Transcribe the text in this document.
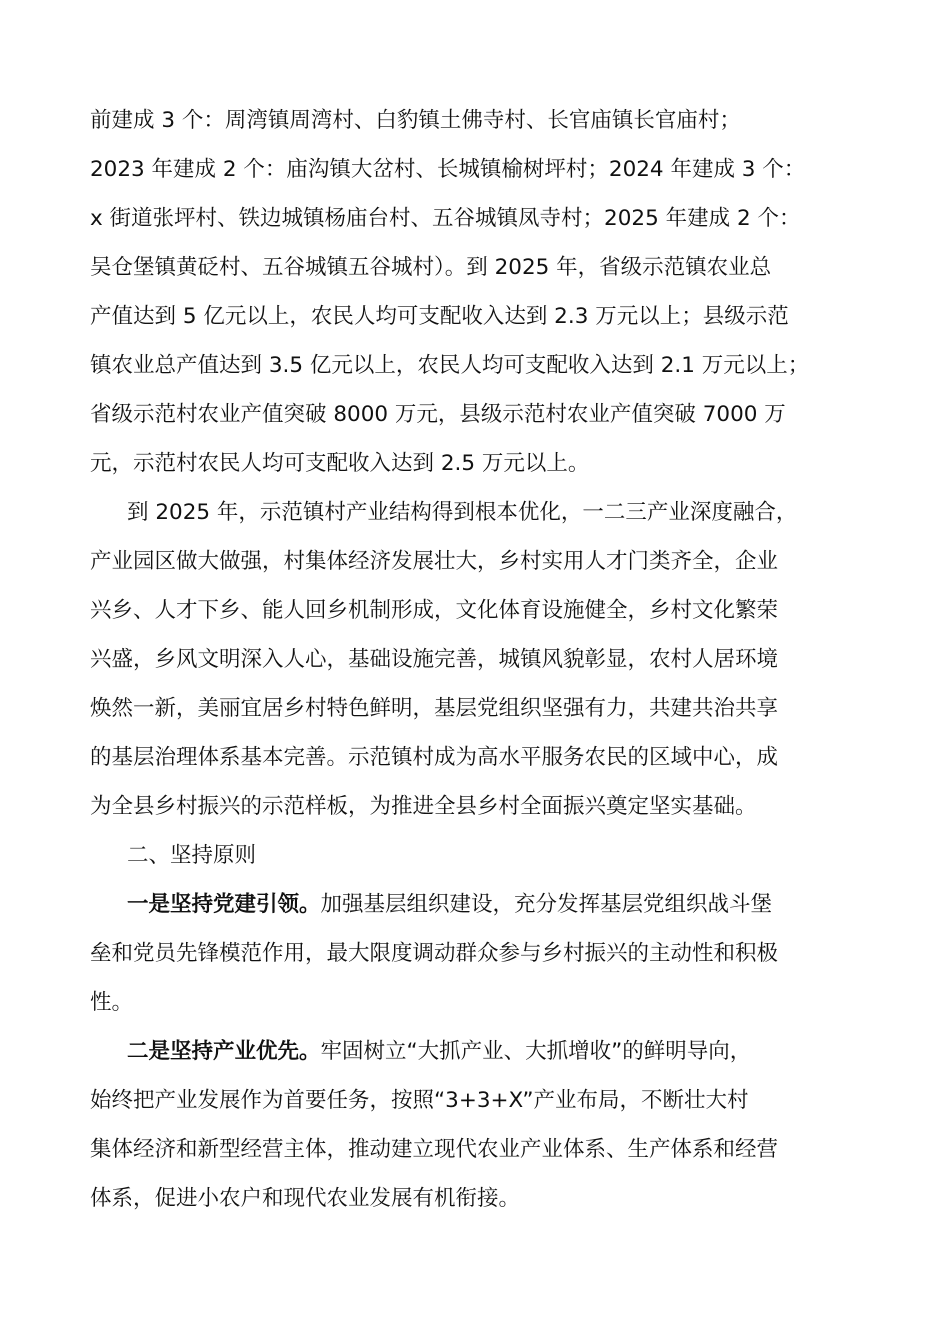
前建成 3 个：周湾镇周湾村、白豹镇土佛寺村、长官庙镇长官庙村；
2023 年建成 2 个：庙沟镇大岔村、长城镇榆树坪村；2024 年建成 3 个：
x 街道张坪村、铁边城镇杨庙台村、五谷城镇凤寺村；2025 年建成 2 个：
吴仓堡镇黄砭村、五谷城镇五谷城村）。到 2025 年，省级示范镇农业总
产值达到 5 亿元以上，农民人均可支配收入达到 2.3 万元以上；县级示范
镇农业总产值达到 3.5 亿元以上，农民人均可支配收入达到 2.1 万元以上；
省级示范村农业产值突破 8000 万元，县级示范村农业产值突破 7000 万
元，示范村农民人均可支配收入达到 2.5 万元以上。
到 2025 年，示范镇村产业结构得到根本优化，一二三产业深度融合，
产业园区做大做强，村集体经济发展壮大，乡村实用人才门类齐全，企业
兴乡、人才下乡、能人回乡机制形成，文化体育设施健全，乡村文化繁荣
兴盛，乡风文明深入人心，基础设施完善，城镇风貌彰显，农村人居环境
焕然一新，美丽宜居乡村特色鲜明，基层党组织坚强有力，共建共治共享
的基层治理体系基本完善。示范镇村成为高水平服务农民的区域中心，成
为全县乡村振兴的示范样板，为推进全县乡村全面振兴奠定坚实基础。
二、坚持原则
一是坚持党建引领。加强基层组织建设，充分发挥基层党组织战斗堡
垒和党员先锋模范作用，最大限度调动群众参与乡村振兴的主动性和积极
性。
二是坚持产业优先。牢固树立“大抓产业、大抓增收”的鲜明导向，
始终把产业发展作为首要任务，按照“3+3+X”产业布局，不断壮大村
集体经济和新型经营主体，推动建立现代农业产业体系、生产体系和经营
体系，促进小农户和现代农业发展有机衔接。
